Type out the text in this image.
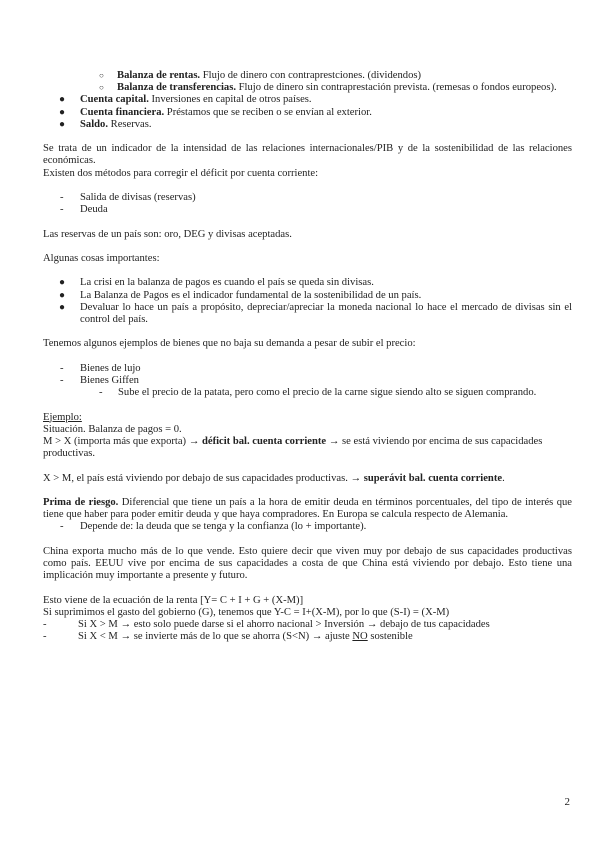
○ Balanza de rentas. Flujo de dinero con contraprestciones. (dividendos)
○ Balanza de transferencias. Flujo de dinero sin contraprestación prevista. (remesas o fondos europeos).
● Cuenta capital. Inversiones en capital de otros países.
● Cuenta financiera. Préstamos que se reciben o se envían al exterior.
● Saldo. Reservas.

Se trata de un indicador de la intensidad de las relaciones internacionales/PIB y de la sostenibilidad de las relaciones económicas.

Existen dos métodos para corregir el déficit por cuenta corriente:

- Salida de divisas (reservas)
- Deuda

Las reservas de un país son: oro, DEG y divisas aceptadas.

Algunas cosas importantes:

● La crisi en la balanza de pagos es cuando el país se queda sin divisas.
● La Balanza de Pagos es el indicador fundamental de la sostenibilidad de un país.
● Devaluar lo hace un país a propósito, depreciar/apreciar la moneda nacional lo hace el mercado de divisas sin el control del país.

Tenemos algunos ejemplos de bienes que no baja su demanda a pesar de subir el precio:

- Bienes de lujo
- Bienes Giffen
- Sube el precio de la patata, pero como el precio de la carne sigue siendo alto se siguen comprando.

Ejemplo:

Situación. Balanza de pagos = 0.

M > X (importa más que exporta) → déficit bal. cuenta corriente → se está viviendo por encima de sus capacidades productivas.

X > M, el país está viviendo por debajo de sus capacidades productivas. → superávit bal. cuenta corriente.

Prima de riesgo. Diferencial que tiene un país a la hora de emitir deuda en términos porcentuales, del tipo de interés que tiene que haber para poder emitir deuda y que haya compradores. En Europa se calcula respecto de Alemania.

- Depende de: la deuda que se tenga y la confianza (lo + importante).

China exporta mucho más de lo que vende. Esto quiere decir que viven muy por debajo de sus capacidades productivas como país. EEUU vive por encima de sus capacidades a costa de que China está viviendo por debajo. Esto tiene una implicación muy importante a presente y futuro.

Esto viene de la ecuación de la renta [Y= C + I + G + (X-M)]

Si suprimimos el gasto del gobierno (G), tenemos que Y-C = I+(X-M), por lo que (S-I) = (X-M)

-	Si X > M → esto solo puede darse si el ahorro nacional > Inversión → debajo de tus capacidades
-	Si X < M → se invierte más de lo que se ahorra (S<N) → ajuste NO sostenible
2
